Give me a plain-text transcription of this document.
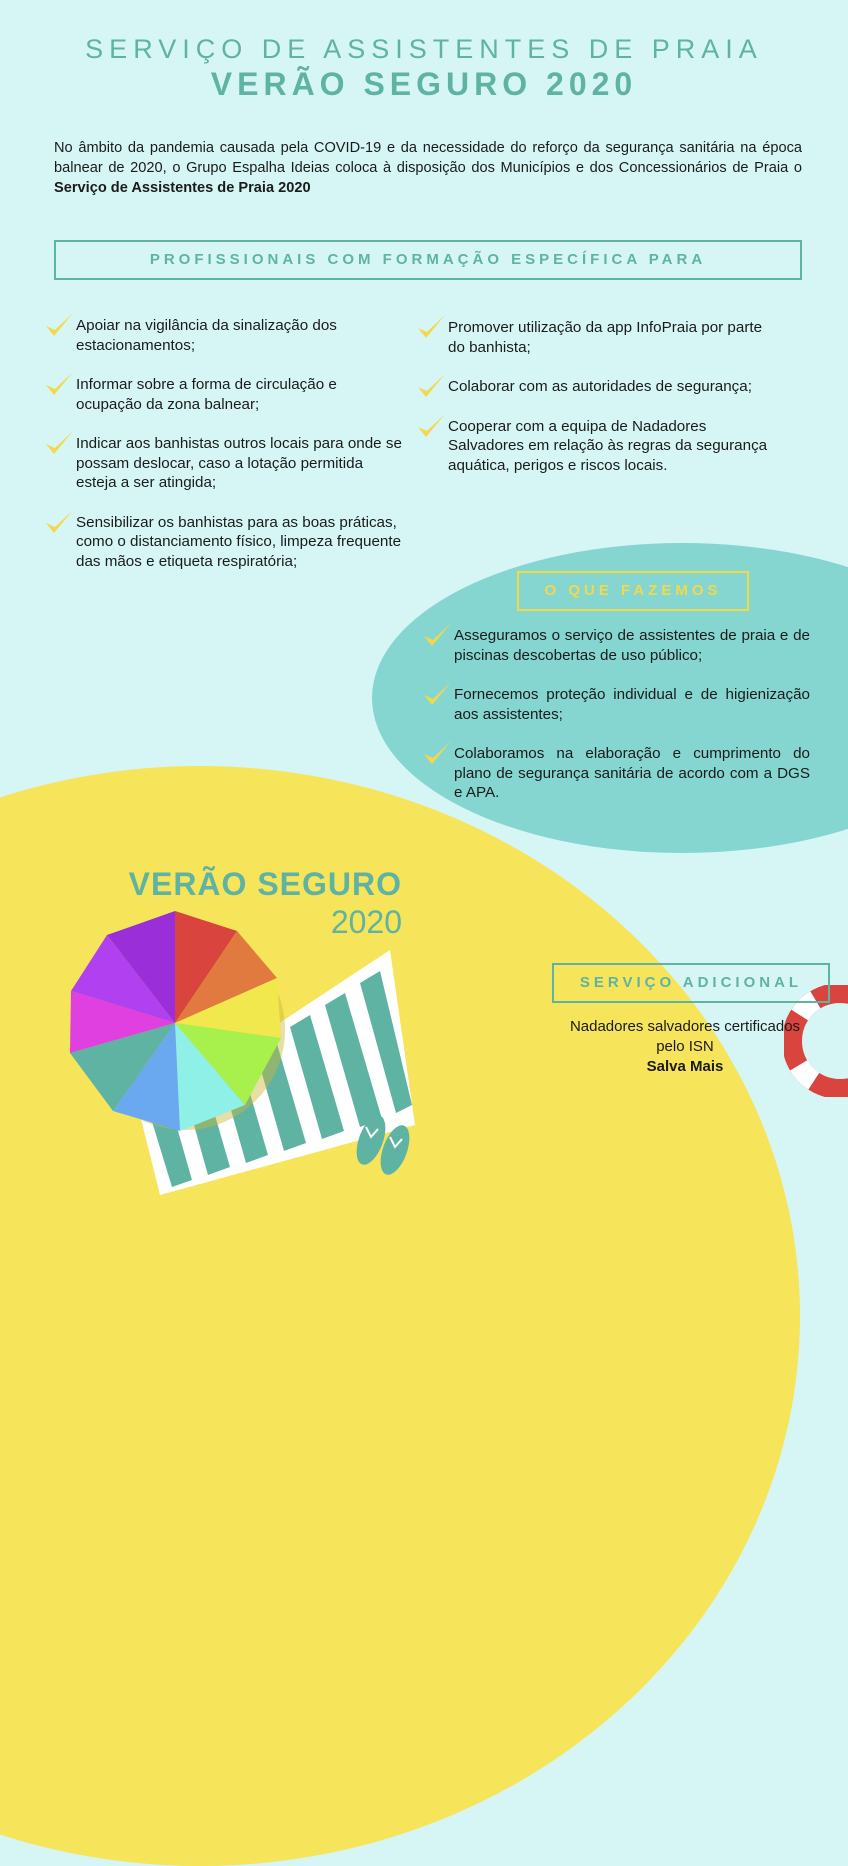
SERVIÇO DE ASSISTENTES DE PRAIA
VERÃO SEGURO 2020
No âmbito da pandemia causada pela COVID-19 e da necessidade do reforço da segurança sanitária na época balnear de 2020, o Grupo Espalha Ideias coloca à disposição dos Municípios e dos Concessionários de Praia o Serviço de Assistentes de Praia 2020
PROFISSIONAIS COM FORMAÇÃO ESPECÍFICA PARA
Apoiar na vigilância da sinalização dos estacionamentos;
Informar sobre a forma de circulação e ocupação da zona balnear;
Indicar aos banhistas outros locais para onde se possam deslocar, caso a lotação permitida esteja a ser atingida;
Sensibilizar os banhistas para as boas práticas, como o distanciamento físico, limpeza frequente das mãos e etiqueta respiratória;
Promover utilização da app InfoPraia por parte do banhista;
Colaborar com as autoridades de segurança;
Cooperar com a equipa de Nadadores Salvadores em relação às regras da segurança aquática, perigos e riscos locais.
O QUE FAZEMOS
Asseguramos o serviço de assistentes de praia e de piscinas descobertas de uso público;
Fornecemos proteção individual e de higienização aos assistentes;
Colaboramos na elaboração e cumprimento do plano de segurança sanitária de acordo com a DGS e APA.
VERÃO SEGURO
2020
SERVIÇO ADICIONAL
Nadadores salvadores certificados pelo ISN
Salva Mais
